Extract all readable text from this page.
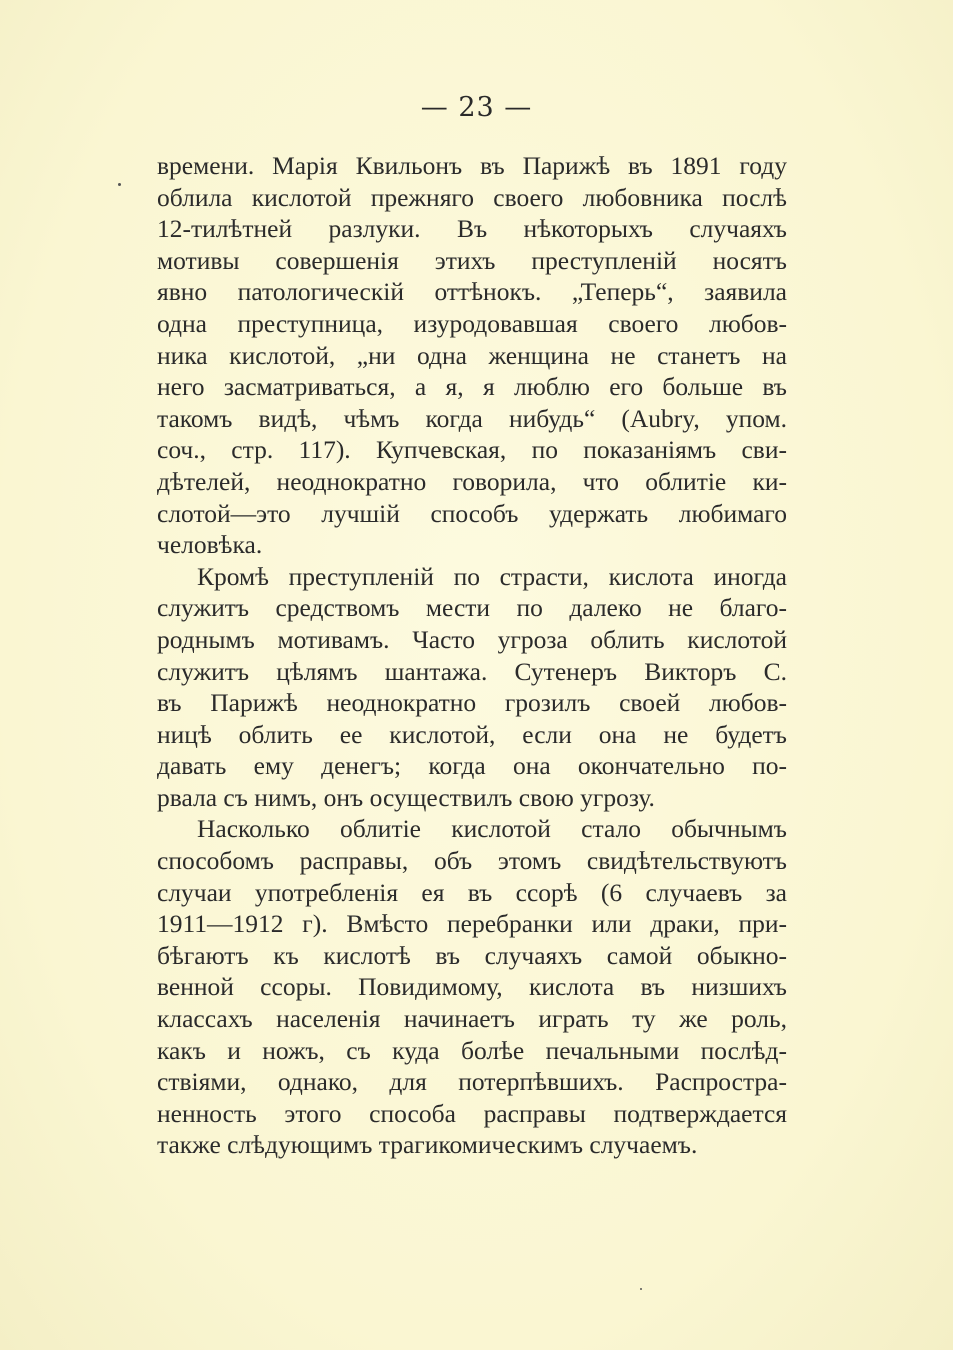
— 23 —
времени. Марія Квильонъ въ Парижѣ въ 1891 году
облила кислотой прежняго своего любовника послѣ
12-тилѣтней разлуки. Въ нѣкоторыхъ случаяхъ
мотивы совершенія этихъ преступленій носятъ
явно патологическій оттѣнокъ. „Теперь“, заявила
одна преступница, изуродовавшая своего любов-
ника кислотой, „ни одна женщина не станетъ на
него засматриваться, а я, я люблю его больше въ
такомъ видѣ, чѣмъ когда нибудь“ (Aubry, упом.
соч., стр. 117). Купчевская, по показаніямъ сви-
дѣтелей, неоднократно говорила, что облитіе ки-
слотой—это лучшій способъ удержать любимаго
человѣка.
Кромѣ преступленій по страсти, кислота иногда
служитъ средствомъ мести по далеко не благо-
роднымъ мотивамъ. Часто угроза облить кислотой
служитъ цѣлямъ шантажа. Сутенеръ Викторъ С.
въ Парижѣ неоднократно грозилъ своей любов-
ницѣ облить ее кислотой, если она не будетъ
давать ему денегъ; когда она окончательно по-
рвала съ нимъ, онъ осуществилъ свою угрозу.
Насколько облитіе кислотой стало обычнымъ
способомъ расправы, объ этомъ свидѣтельствуютъ
случаи употребленія ея въ ссорѣ (6 случаевъ за
1911—1912 г). Вмѣсто перебранки или драки, при-
бѣгаютъ къ кислотѣ въ случаяхъ самой обыкно-
венной ссоры. Повидимому, кислота въ низшихъ
классахъ населенія начинаетъ играть ту же роль,
какъ и ножъ, съ куда болѣе печальными послѣд-
ствіями, однако, для потерпѣвшихъ. Распростра-
ненность этого способа расправы подтверждается
также слѣдующимъ трагикомическимъ случаемъ.
